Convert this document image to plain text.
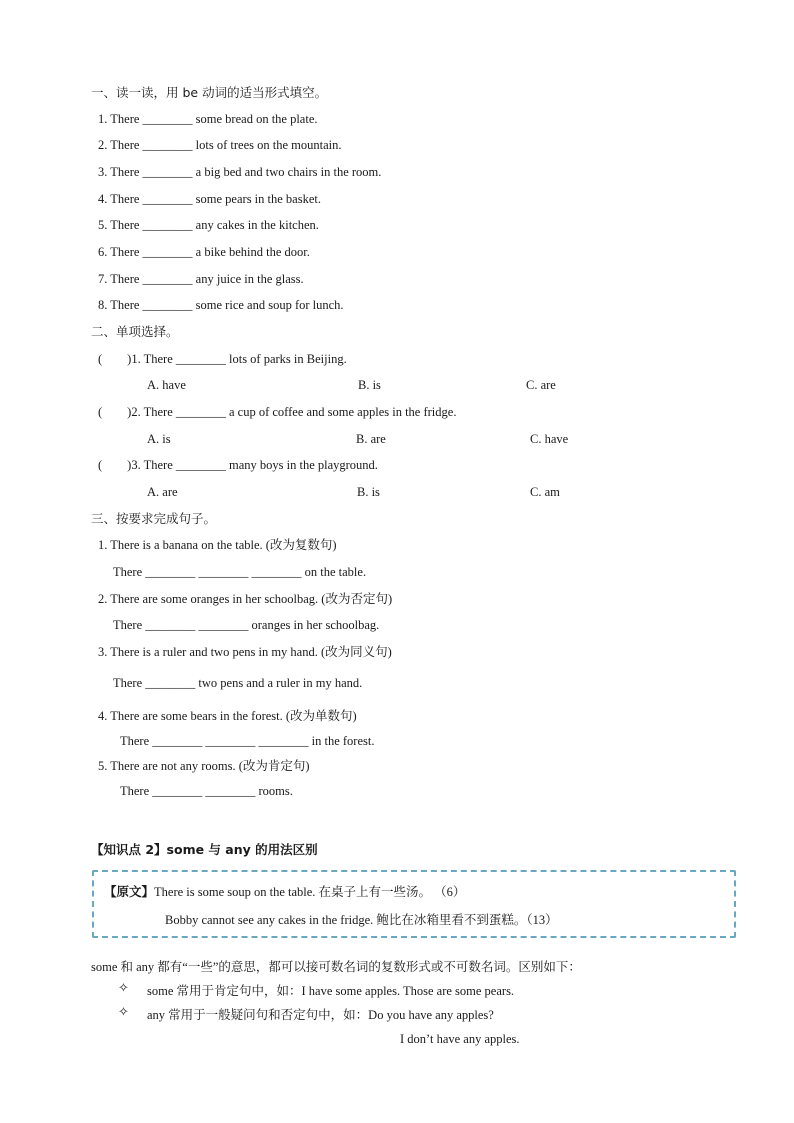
一、读一读，用 be 动词的适当形式填空。
1. There ________ some bread on the plate.
2. There ________ lots of trees on the mountain.
3. There ________ a big bed and two chairs in the room.
4. There ________ some pears in the basket.
5. There ________ any cakes in the kitchen.
6. There ________ a bike behind the door.
7. There ________ any juice in the glass.
8. There ________ some rice and soup for lunch.
二、单项选择。
(　　)1. There ________ lots of parks in Beijing.
A. have	B. is	C. are
(　　)2. There ________ a cup of coffee and some apples in the fridge.
A. is	B. are	C. have
(　　)3. There ________ many boys in the playground.
A. are	B. is	C. am
三、按要求完成句子。
1. There is a banana on the table. (改为复数句)
There ________ ________ ________ on the table.
2. There are some oranges in her schoolbag. (改为否定句)
There ________ ________ oranges in her schoolbag.
3. There is a ruler and two pens in my hand. (改为同义句)
There ________ two pens and a ruler in my hand.
4. There are some bears in the forest. (改为单数句)
There ________ ________ ________ in the forest.
5. There are not any rooms. (改为肯定句)
There ________ ________ rooms.
【知识点 2】some 与 any 的用法区别
【原文】There is some soup on the table. 在桌子上有一些汤。 （6）
Bobby cannot see any cakes in the fridge. 鲍比在冰箱里看不到蛋糕。（13）
some 和 any 都有“一些”的意思，都可以接可数名词的复数形式或不可数名词。区别如下：
✧ some 常用于肯定句中，如：I have some apples. Those are some pears.
✧ any 常用于一般疑问句和否定句中，如：Do you have any apples?
I don’t have any apples.
